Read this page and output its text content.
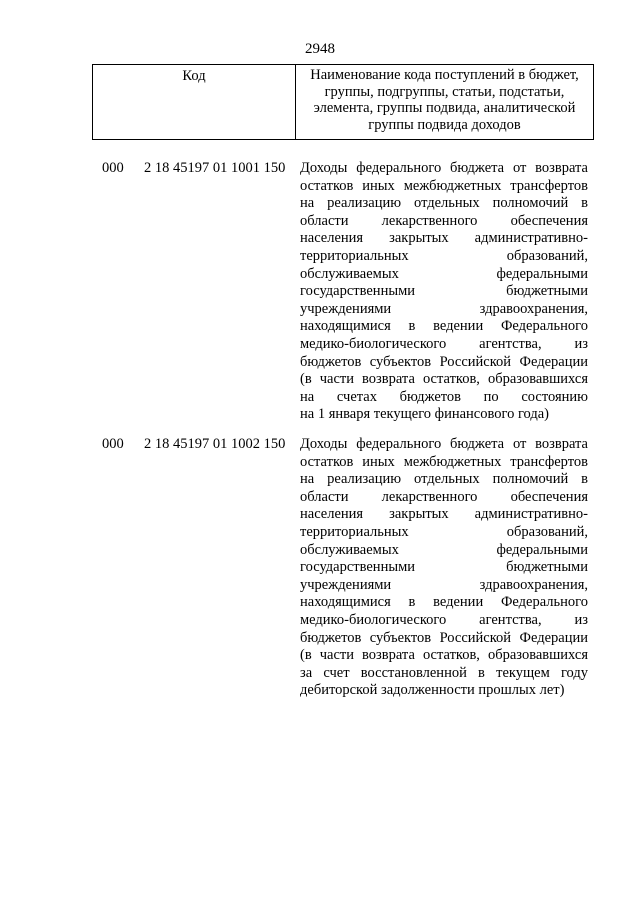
2948
Код	Наименование кода поступлений в бюджет, группы, подгруппы, статьи, подстатьи, элемента, группы подвида, аналитической группы подвида доходов
000 2 18 45197 01 1001 150 Доходы федерального бюджета от возврата
остатков иных межбюджетных трансфертов
на реализацию отдельных полномочий в
области лекарственного обеспечения
населения закрытых административно-
территориальных образований,
обслуживаемых федеральными
государственными бюджетными
учреждениями здравоохранения,
находящимися в ведении Федерального
медико-биологического агентства, из
бюджетов субъектов Российской Федерации
(в части возврата остатков, образовавшихся
на счетах бюджетов по состоянию
на 1 января текущего финансового года)
000 2 18 45197 01 1002 150 Доходы федерального бюджета от возврата
остатков иных межбюджетных трансфертов
на реализацию отдельных полномочий в
области лекарственного обеспечения
населения закрытых административно-
территориальных образований,
обслуживаемых федеральными
государственными бюджетными
учреждениями здравоохранения,
находящимися в ведении Федерального
медико-биологического агентства, из
бюджетов субъектов Российской Федерации
(в части возврата остатков, образовавшихся
за счет восстановленной в текущем году
дебиторской задолженности прошлых лет)
